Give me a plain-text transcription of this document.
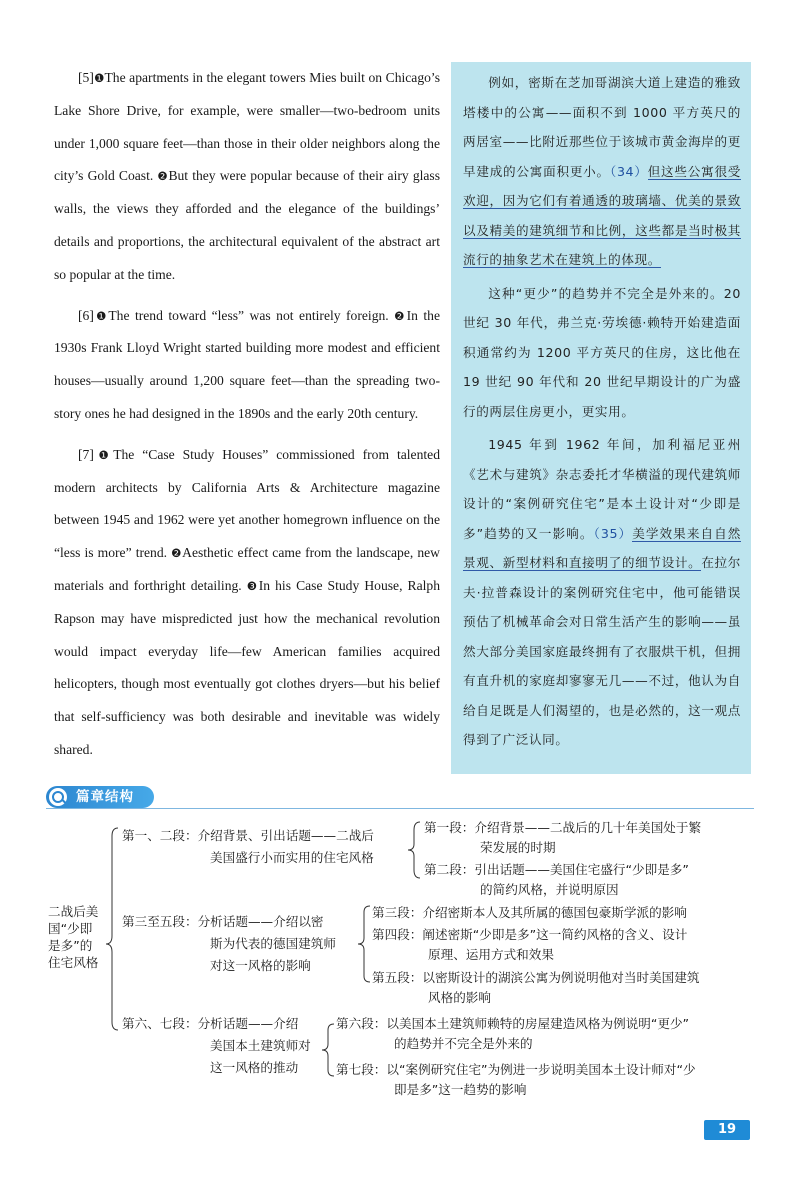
[5]❶The apartments in the elegant towers Mies built on Chicago’s Lake Shore Drive, for example, were smaller—two-bedroom units under 1,000 square feet—than those in their older neighbors along the city’s Gold Coast. ❷But they were popular because of their airy glass walls, the views they afforded and the elegance of the buildings’ details and proportions, the architectural equivalent of the abstract art so popular at the time.

[6]❶The trend toward “less” was not entirely foreign. ❷In the 1930s Frank Lloyd Wright started building more modest and efficient houses—usually around 1,200 square feet—than the spreading two-story ones he had designed in the 1890s and the early 20th century.

[7]❶The “Case Study Houses” commissioned from talented modern architects by California Arts & Architecture magazine between 1945 and 1962 were yet another homegrown influence on the “less is more” trend. ❷Aesthetic effect came from the landscape, new materials and forthright detailing. ❸In his Case Study House, Ralph Rapson may have mispredicted just how the mechanical revolution would impact everyday life—few American families acquired helicopters, though most eventually got clothes dryers—but his belief that self-sufficiency was both desirable and inevitable was widely shared.

例如，密斯在芝加哥湖滨大道上建造的雅致塔楼中的公寓——面积不到 1000 平方英尺的两居室——比附近那些位于该城市黄金海岸的更早建成的公寓面积更小。（34）但这些公寓很受欢迎，因为它们有着通透的玻璃墙、优美的景致以及精美的建筑细节和比例，这些都是当时极其流行的抽象艺术在建筑上的体现。

这种“更少”的趋势并不完全是外来的。20 世纪 30 年代，弗兰克·劳埃德·赖特开始建造面积通常约为 1200 平方英尺的住房，这比他在 19 世纪 90 年代和 20 世纪早期设计的广为盛行的两层住房更小，更实用。

1945 年到 1962 年间，加利福尼亚州《艺术与建筑》杂志委托才华横溢的现代建筑师设计的“案例研究住宅”是本土设计对“少即是多”趋势的又一影响。（35）美学效果来自自然景观、新型材料和直接明了的细节设计。在拉尔夫·拉普森设计的案例研究住宅中，他可能错误预估了机械革命会对日常生活产生的影响——虽然大部分美国家庭最终拥有了衣服烘干机，但拥有直升机的家庭却寥寥无几——不过，他认为自给自足既是人们渴望的，也是必然的，这一观点得到了广泛认同。

篇章结构
二战后美
国“少即
是多”的
住宅风格
第一、二段：介绍背景、引出话题——二战后
美国盛行小而实用的住宅风格
第一段：介绍背景——二战后的几十年美国处于繁
荣发展的时期
第二段：引出话题——美国住宅盛行“少即是多”
的简约风格，并说明原因
第三至五段：分析话题——介绍以密
斯为代表的德国建筑师
对这一风格的影响
第三段：介绍密斯本人及其所属的德国包豪斯学派的影响
第四段：阐述密斯“少即是多”这一简约风格的含义、设计
原理、运用方式和效果
第五段：以密斯设计的湖滨公寓为例说明他对当时美国建筑
风格的影响
第六、七段：分析话题——介绍
美国本土建筑师对
这一风格的推动
第六段：以美国本土建筑师赖特的房屋建造风格为例说明“更少”
的趋势并不完全是外来的
第七段：以“案例研究住宅”为例进一步说明美国本土设计师对“少
即是多”这一趋势的影响
19
